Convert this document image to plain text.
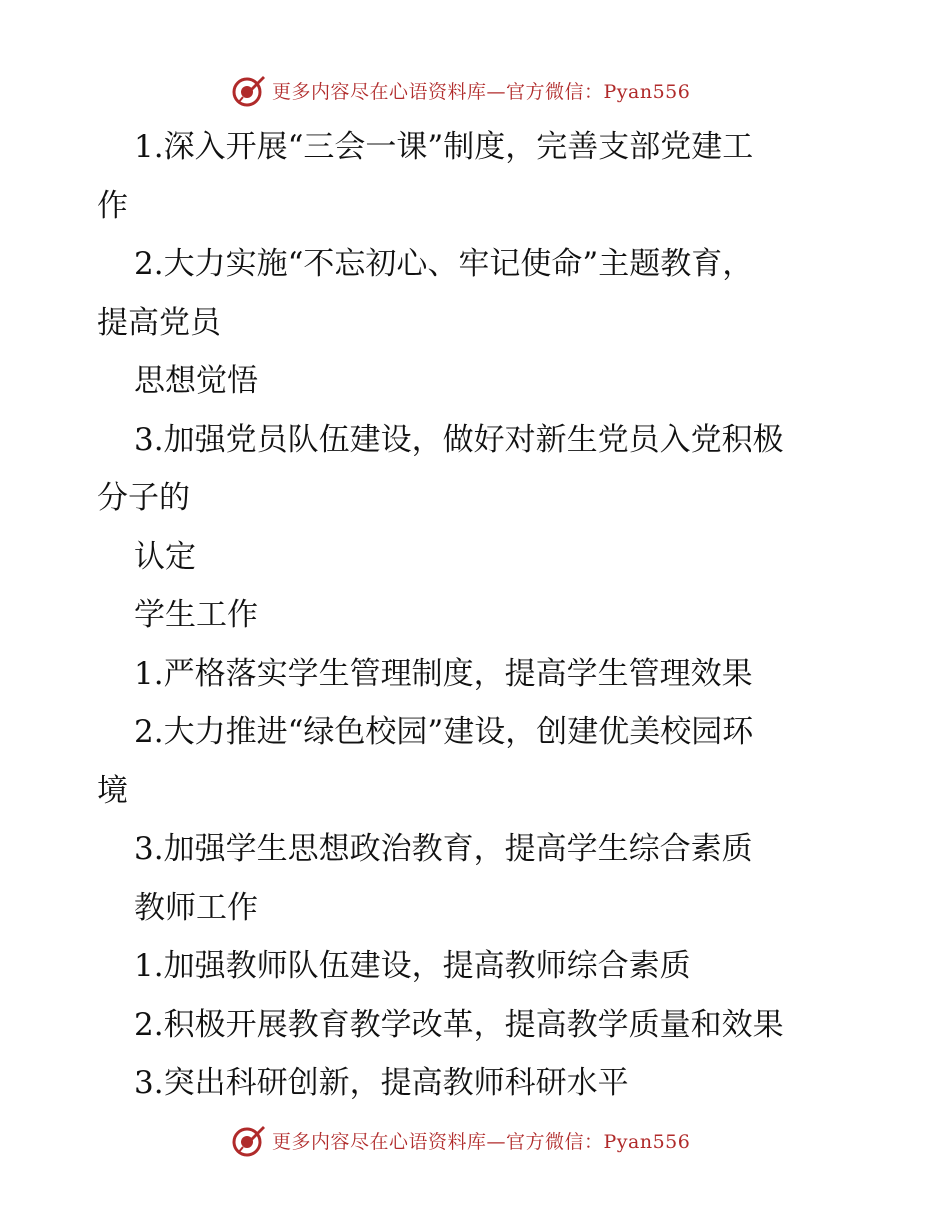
更多内容尽在心语资料库—官方微信：Pyan556
1.深入开展“三会一课”制度，完善支部党建工
作
2.大力实施“不忘初心、牢记使命”主题教育，
提高党员
思想觉悟
3.加强党员队伍建设，做好对新生党员入党积极
分子的
认定
学生工作
1.严格落实学生管理制度，提高学生管理效果
2.大力推进“绿色校园”建设，创建优美校园环
境
3.加强学生思想政治教育，提高学生综合素质
教师工作
1.加强教师队伍建设，提高教师综合素质
2.积极开展教育教学改革，提高教学质量和效果
3.突出科研创新，提高教师科研水平
更多内容尽在心语资料库—官方微信：Pyan556
